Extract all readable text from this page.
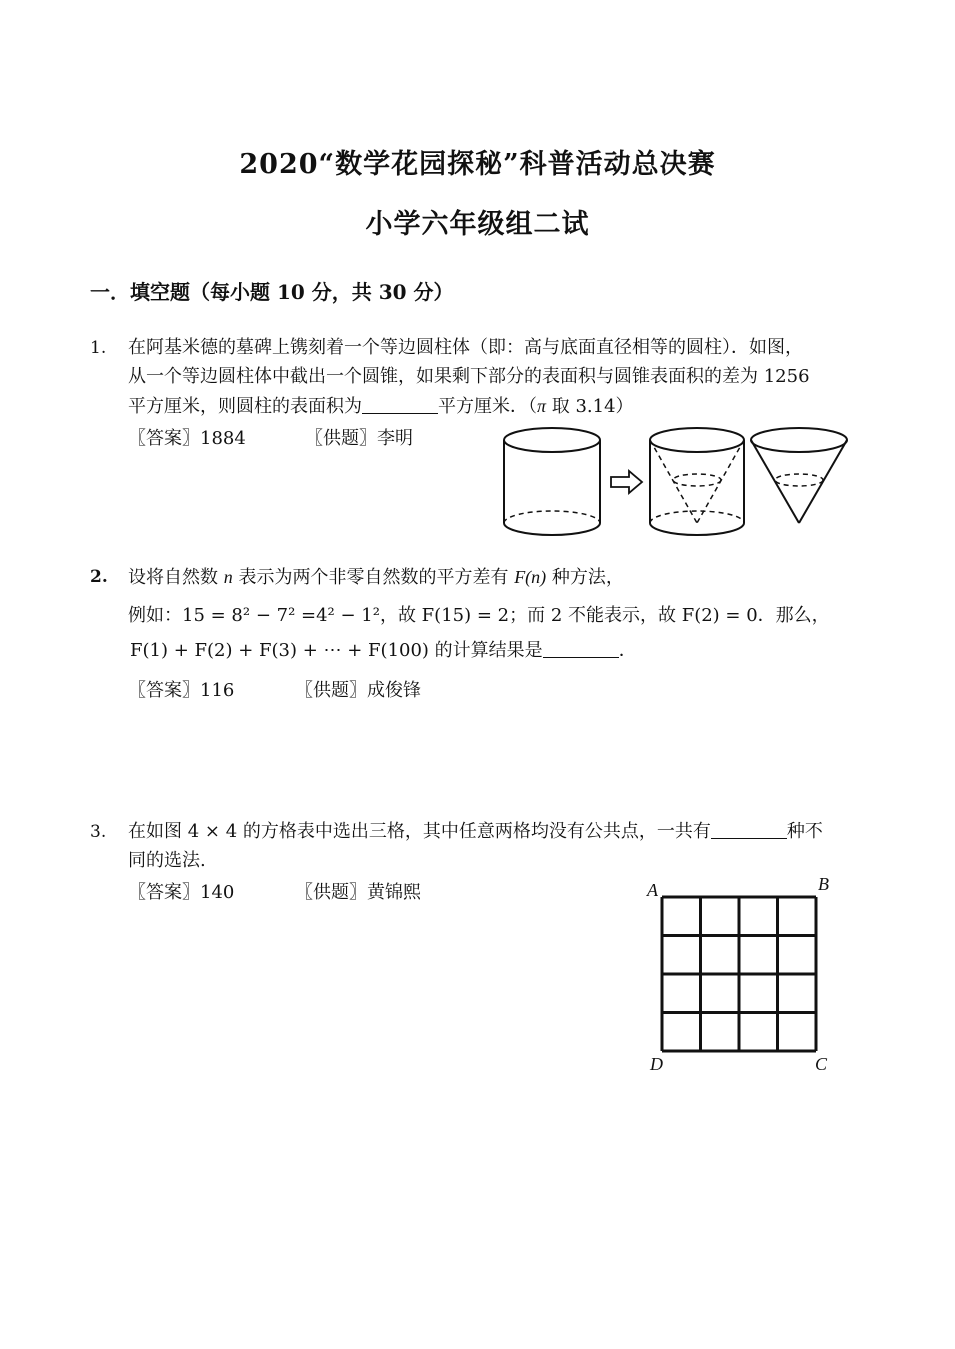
2020“数学花园探秘”科普活动总决赛
小学六年级组二试
一．填空题（每小题 10 分，共 30 分）
1. 在阿基米德的墓碑上镌刻着一个等边圆柱体（即：高与底面直径相等的圆柱）．如图，
从一个等边圆柱体中截出一个圆锥，如果剩下部分的表面积与圆锥表面积的差为 1256
平方厘米，则圆柱的表面积为	平方厘米．（π 取 3.14）
〖答案〗1884	〖供题〗李明
2. 设将自然数 n 表示为两个非零自然数的平方差有 F(n) 种方法，
例如：15 = 8² − 7² =4² − 1²，故 F(15) = 2；而 2 不能表示，故 F(2) = 0．那么，
F(1) + F(2) + F(3) + ⋯ + F(100) 的计算结果是	．
〖答案〗116	〖供题〗成俊锋
3. 在如图 4 × 4 的方格表中选出三格，其中任意两格均没有公共点，一共有	种不
同的选法.
〖答案〗140	〖供题〗黄锦熙	A	B
D	C
